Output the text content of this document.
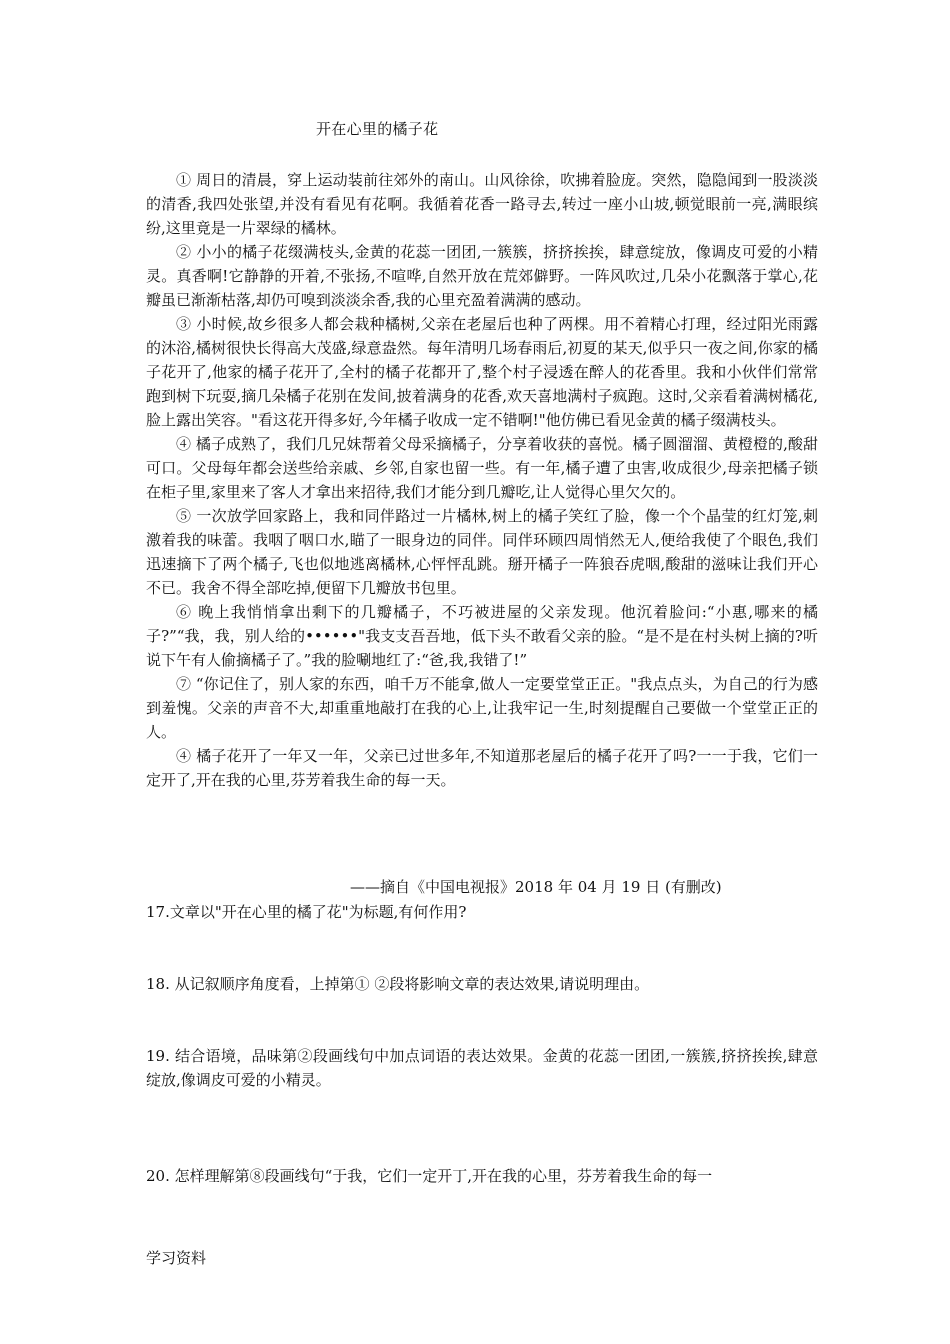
开在心里的橘子花

① 周日的清晨，穿上运动装前往郊外的南山。山风徐徐，吹拂着脸庞。突然，隐隐闻到一股淡淡的清香,我四处张望,并没有看见有花啊。我循着花香一路寻去,转过一座小山坡,顿觉眼前一亮,满眼缤纷,这里竟是一片翠绿的橘林。

② 小小的橘子花缀满枝头,金黄的花蕊一团团,一簇簇，挤挤挨挨，肆意绽放，像调皮可爱的小精灵。真香啊!它静静的开着,不张扬,不喧哗,自然开放在荒郊僻野。一阵风吹过,几朵小花飘落于掌心,花瓣虽已渐渐枯落,却仍可嗅到淡淡余香,我的心里充盈着满满的感动。

③ 小时候,故乡很多人都会栽种橘树,父亲在老屋后也种了两棵。用不着精心打理，经过阳光雨露的沐浴,橘树很快长得高大茂盛,绿意盎然。每年清明几场春雨后,初夏的某天,似乎只一夜之间,你家的橘子花开了,他家的橘子花开了,全村的橘子花都开了,整个村子浸透在醉人的花香里。我和小伙伴们常常跑到树下玩耍,摘几朵橘子花别在发间,披着满身的花香,欢天喜地满村子疯跑。这时,父亲看着满树橘花,脸上露出笑容。"看这花开得多好,今年橘子收成一定不错啊!"他仿佛已看见金黄的橘子缀满枝头。

④ 橘子成熟了，我们几兄妹帮着父母采摘橘子，分享着收获的喜悦。橘子圆溜溜、黄橙橙的,酸甜可口。父母每年都会送些给亲戚、乡邻,自家也留一些。有一年,橘子遭了虫害,收成很少,母亲把橘子锁在柜子里,家里来了客人才拿出来招待,我们才能分到几瓣吃,让人觉得心里欠欠的。

⑤ 一次放学回家路上，我和同伴路过一片橘林,树上的橘子笑红了脸，像一个个晶莹的红灯笼,刺激着我的味蕾。我咽了咽口水,瞄了一眼身边的同伴。同伴环顾四周悄然无人,便给我使了个眼色,我们迅速摘下了两个橘子,飞也似地逃离橘林,心怦怦乱跳。掰开橘子一阵狼吞虎咽,酸甜的滋味让我们开心不已。我舍不得全部吃掉,便留下几瓣放书包里。

⑥ 晚上我悄悄拿出剩下的几瓣橘子，不巧被进屋的父亲发现。他沉着脸问:“小惠,哪来的橘子?”“我，我，别人给的••••••"我支支吾吾地，低下头不敢看父亲的脸。“是不是在村头树上摘的?听说下午有人偷摘橘子了。”我的脸唰地红了:“爸,我,我错了!”

⑦ “你记住了，别人家的东西，咱千万不能拿,做人一定要堂堂正正。"我点点头，为自己的行为感到羞愧。父亲的声音不大,却重重地敲打在我的心上,让我牢记一生,时刻提醒自己要做一个堂堂正正的人。

④ 橘子花开了一年又一年，父亲已过世多年,不知道那老屋后的橘子花开了吗?一一于我，它们一定开了,开在我的心里,芬芳着我生命的每一天。

——摘自《中国电视报》2018 年 04 月 19 日 (有删改)
17.文章以"开在心里的橘了花"为标题,有何作用?
18. 从记叙顺序角度看，上掉第① ②段将影响文章的表达效果,请说明理由。
19. 结合语境，品味第②段画线句中加点词语的表达效果。金黄的花蕊一团团,一簇簇,挤挤挨挨,肆意绽放,像调皮可爱的小精灵。
20. 怎样理解第⑧段画线句“于我，它们一定开丁,开在我的心里，芬芳着我生命的每一
学习资料
